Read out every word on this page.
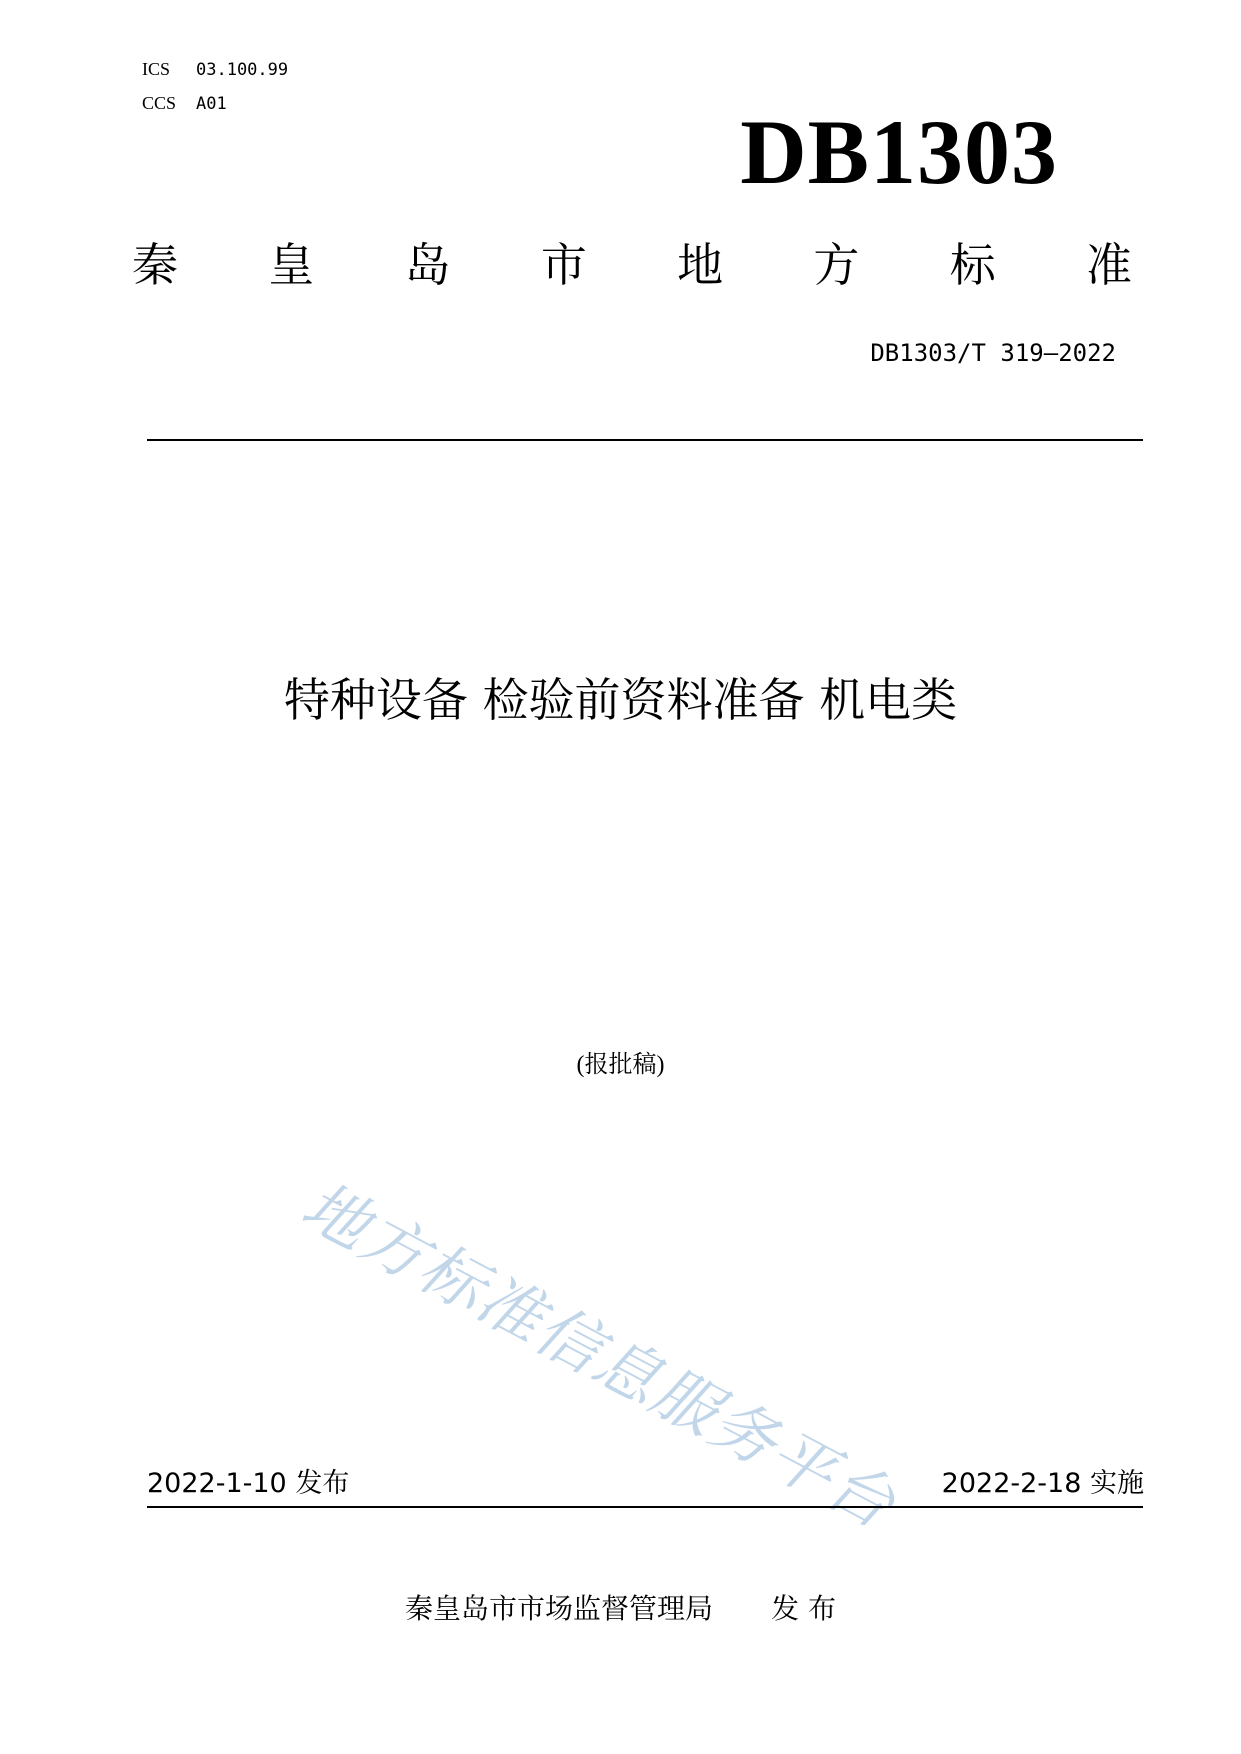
ICS 03.100.99
CCS A01	DB1303
秦 皇 岛 市 地 方 标 准
DB1303/T 319—2022
特种设备 检验前资料准备 机电类
地方标准信息服务平台
(报批稿)
2022-1-10 发布	2022-2-18 实施
秦皇岛市市场监督管理局 发 布
